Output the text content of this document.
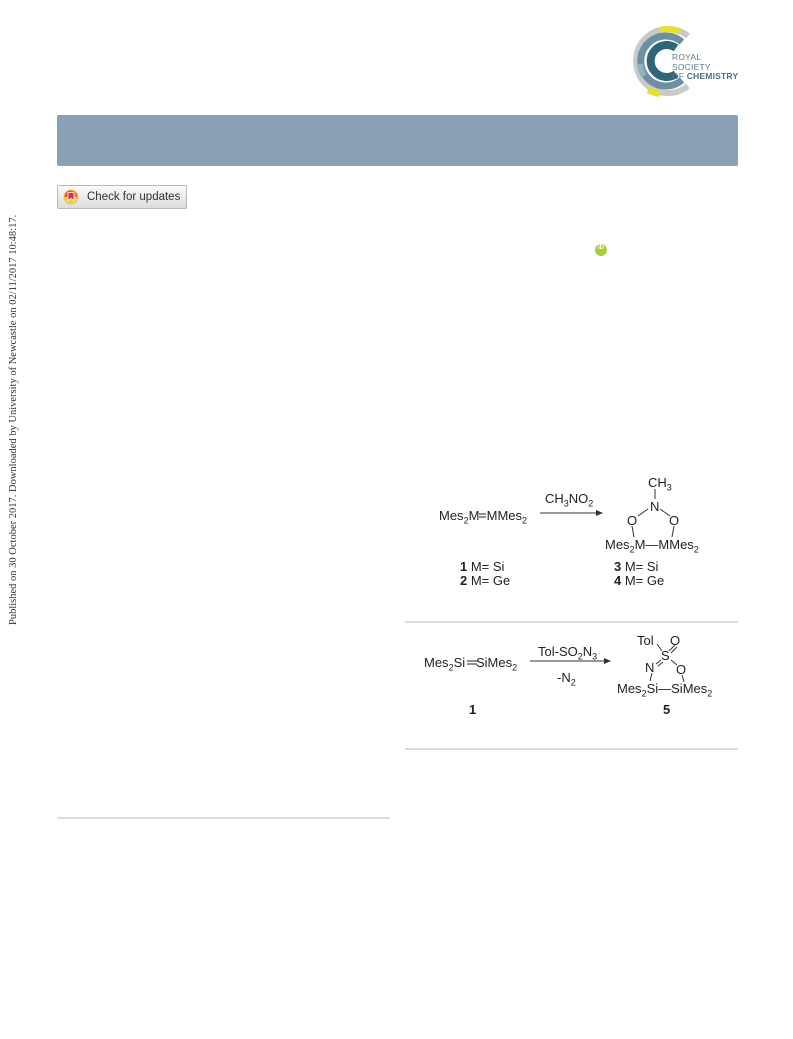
ROYAL SOCIETY
OF CHEMISTRY
Check for updates
Published on 30 October 2017. Downloaded by University of Newcastle on 02/11/2017 10:48:17.	iD
Mes$_2$M  MMes$_2$
$CH_3NO_2$
$CH_3$
N
O O
Mes$_2$M—MMes$_2$
1 M= Si
2 M= Ge
3 M= Si
4 M= Ge
Mes$_2$Si   SiMes$_2$
Tol-$SO_2N_3$
$-N_2$
Tol O
S
N O
Mes$_2$Si—SiMes$_2$
1	5
